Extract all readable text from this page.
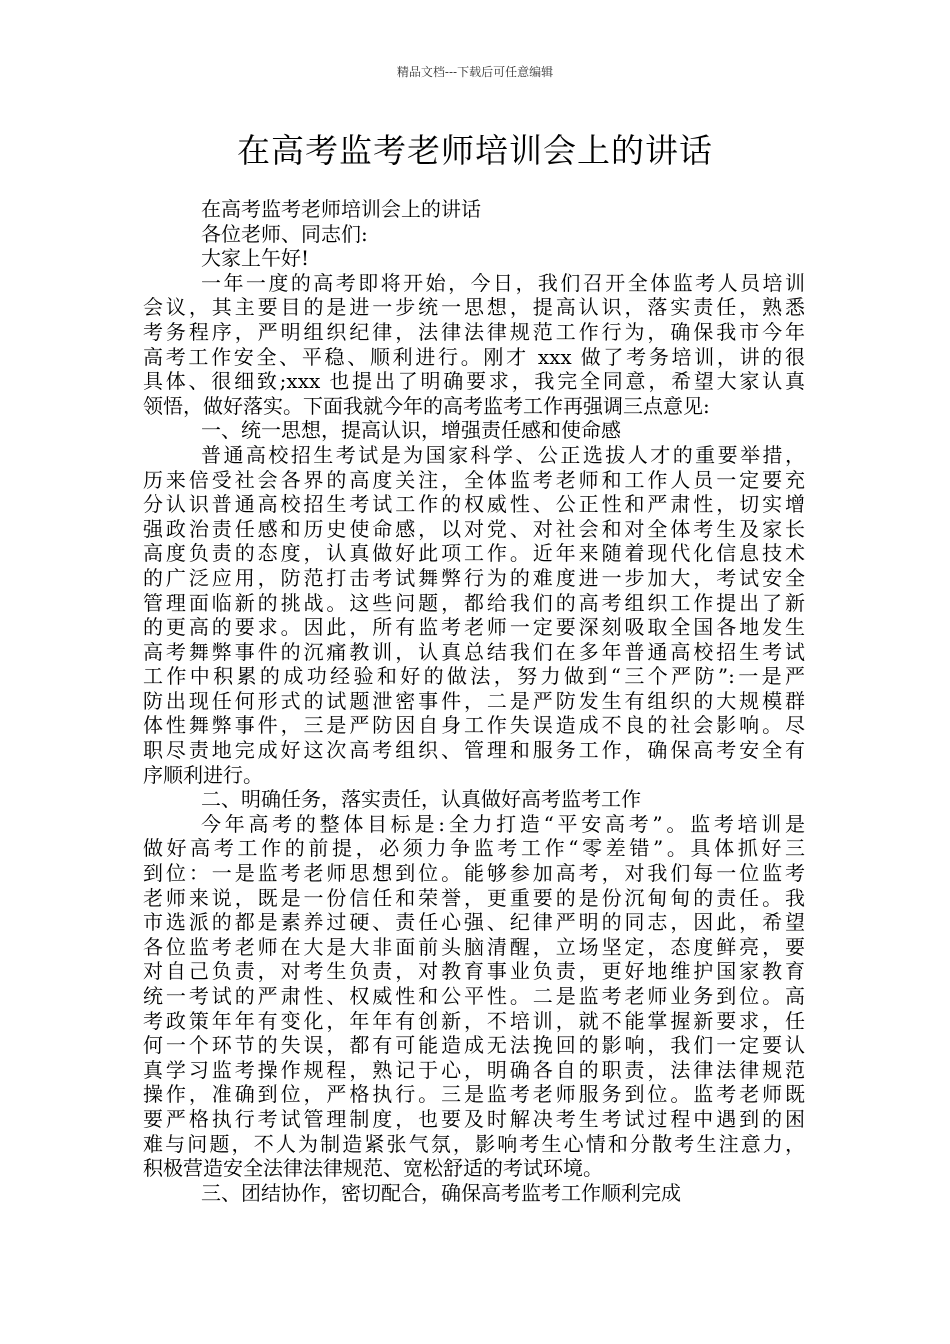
精品文档---下载后可任意编辑
在高考监考老师培训会上的讲话
在高考监考老师培训会上的讲话
各位老师、同志们:
大家上午好!
一年一度的高考即将开始，今日，我们召开全体监考人员培训
会议，其主要目的是进一步统一思想，提高认识，落实责任，熟悉
考务程序，严明组织纪律，法律法律规范工作行为，确保我市今年
高考工作安全、平稳、顺利进行。刚才 xxx 做了考务培训，讲的很
具体、很细致;xxx 也提出了明确要求，我完全同意，希望大家认真
领悟，做好落实。下面我就今年的高考监考工作再强调三点意见:
一、统一思想，提高认识，增强责任感和使命感
普通高校招生考试是为国家科学、公正选拔人才的重要举措，
历来倍受社会各界的高度关注，全体监考老师和工作人员一定要充
分认识普通高校招生考试工作的权威性、公正性和严肃性，切实增
强政治责任感和历史使命感，以对党、对社会和对全体考生及家长
高度负责的态度，认真做好此项工作。近年来随着现代化信息技术
的广泛应用，防范打击考试舞弊行为的难度进一步加大，考试安全
管理面临新的挑战。这些问题，都给我们的高考组织工作提出了新
的更高的要求。因此，所有监考老师一定要深刻吸取全国各地发生
高考舞弊事件的沉痛教训，认真总结我们在多年普通高校招生考试
工作中积累的成功经验和好的做法，努力做到“三个严防”:一是严
防出现任何形式的试题泄密事件，二是严防发生有组织的大规模群
体性舞弊事件，三是严防因自身工作失误造成不良的社会影响。尽
职尽责地完成好这次高考组织、管理和服务工作，确保高考安全有
序顺利进行。
二、明确任务，落实责任，认真做好高考监考工作
今年高考的整体目标是:全力打造“平安高考”。监考培训是
做好高考工作的前提，必须力争监考工作“零差错”。具体抓好三
到位：一是监考老师思想到位。能够参加高考，对我们每一位监考
老师来说，既是一份信任和荣誉，更重要的是份沉甸甸的责任。我
市选派的都是素养过硬、责任心强、纪律严明的同志，因此，希望
各位监考老师在大是大非面前头脑清醒，立场坚定，态度鲜亮，要
对自己负责，对考生负责，对教育事业负责，更好地维护国家教育
统一考试的严肃性、权威性和公平性。二是监考老师业务到位。高
考政策年年有变化，年年有创新，不培训，就不能掌握新要求，任
何一个环节的失误，都有可能造成无法挽回的影响，我们一定要认
真学习监考操作规程，熟记于心，明确各自的职责，法律法律规范
操作，准确到位，严格执行。三是监考老师服务到位。监考老师既
要严格执行考试管理制度，也要及时解决考生考试过程中遇到的困
难与问题，不人为制造紧张气氛，影响考生心情和分散考生注意力，
积极营造安全法律法律规范、宽松舒适的考试环境。
三、团结协作，密切配合，确保高考监考工作顺利完成
